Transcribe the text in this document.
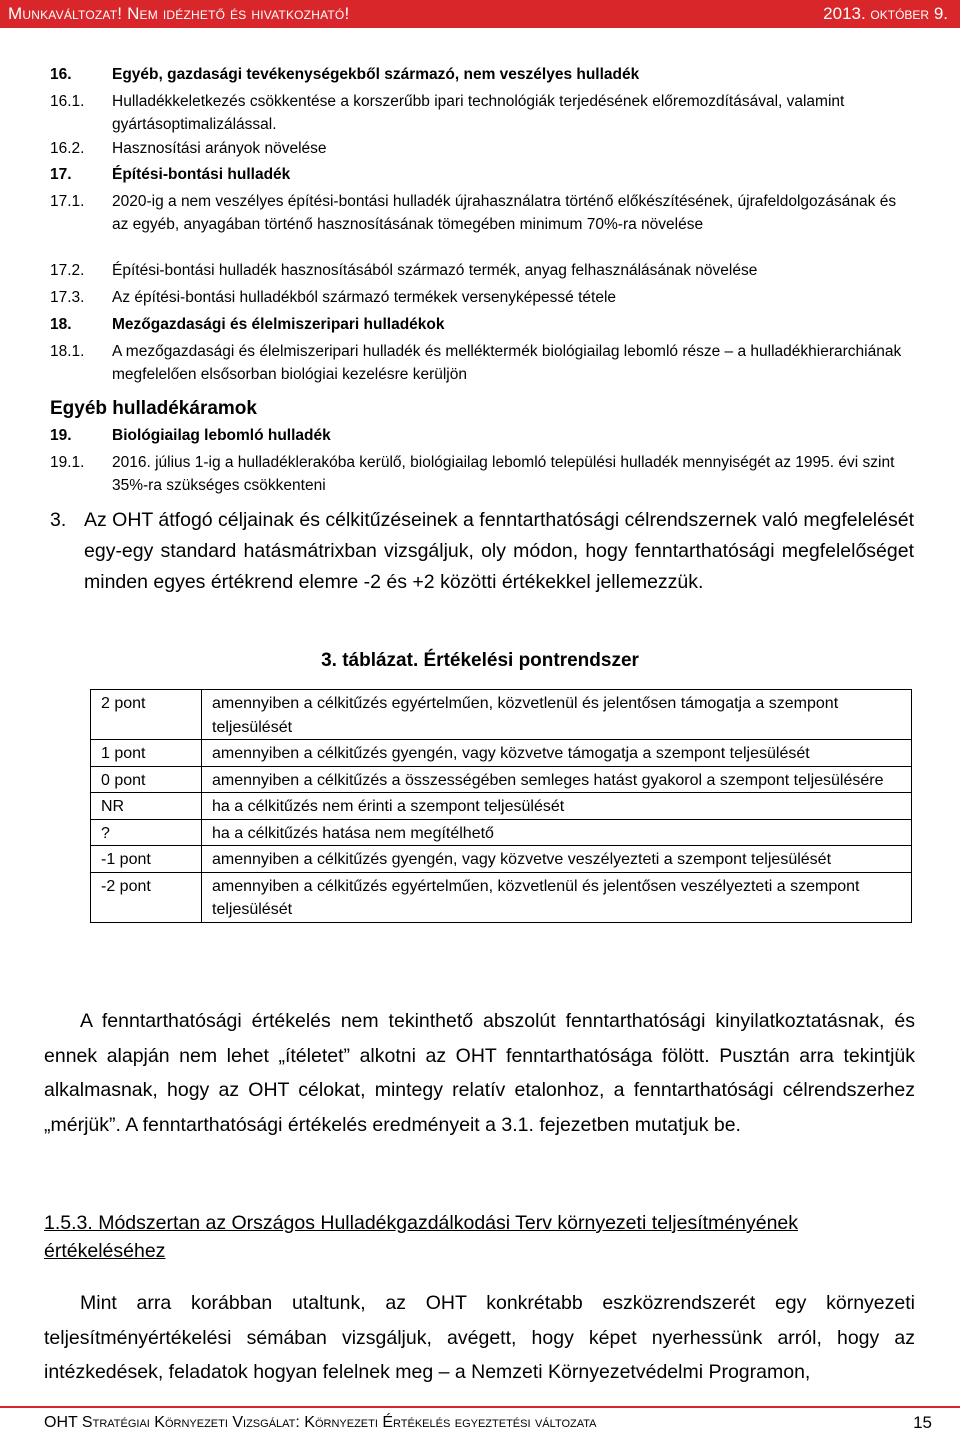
Munkaváltozat! Nem idézhető és hivatkozható!	2013. október 9.
16.	Egyéb, gazdasági tevékenységekből származó, nem veszélyes hulladék
16.1. Hulladékkeletkezés csökkentése a korszerűbb ipari technológiák terjedésének előremozdításával, valamint gyártásoptimalizálással.
16.2. Hasznosítási arányok növelése
17.	Építési-bontási hulladék
17.1. 2020-ig a nem veszélyes építési-bontási hulladék újrahasználatra történő előkészítésének, újrafeldolgozásának és az egyéb, anyagában történő hasznosításának tömegében minimum 70%-ra növelése
17.2. Építési-bontási hulladék hasznosításából származó termék, anyag felhasználásának növelése
17.3. Az építési-bontási hulladékból származó termékek versenyképessé tétele
18.	Mezőgazdasági és élelmiszeripari hulladékok
18.1. A mezőgazdasági és élelmiszeripari hulladék és melléktermék biológiailag lebomló része – a hulladékhierarchiának megfelelően elsősorban biológiai kezelésre kerüljön
19.	Biológiailag lebomló hulladék
19.1. 2016. július 1-ig a hulladéklerakóba kerülő, biológiailag lebomló települési hulladék mennyiségét az 1995. évi szint 35%-ra szükséges csökkenteni
Egyéb hulladékáramok
3. Az OHT átfogó céljainak és célkitűzéseinek a fenntarthatósági célrendszernek való megfelelését egy-egy standard hatásmátrixban vizsgáljuk, oly módon, hogy fenntarthatósági megfelelőséget minden egyes értékrend elemre -2 és +2 közötti értékekkel jellemezzük.
3. táblázat. Értékelési pontrendszer
2 pont	amennyiben a célkitűzés egyértelműen, közvetlenül és jelentősen támogatja a szempont teljesülését
1 pont	amennyiben a célkitűzés gyengén, vagy közvetve támogatja a szempont teljesülését
0 pont	amennyiben a célkitűzés a összességében semleges hatást gyakorol a szempont teljesülésére
NR	ha a célkitűzés nem érinti a szempont teljesülését
?	ha a célkitűzés hatása nem megítélhető
-1 pont	amennyiben a célkitűzés gyengén, vagy közvetve veszélyezteti a szempont teljesülését
-2 pont	amennyiben a célkitűzés egyértelműen, közvetlenül és jelentősen veszélyezteti a szempont teljesülését
A fenntarthatósági értékelés nem tekinthető abszolút fenntarthatósági kinyilatkoztatásnak, és ennek alapján nem lehet „ítéletet” alkotni az OHT fenntarthatósága fölött. Pusztán arra tekintjük alkalmasnak, hogy az OHT célokat, mintegy relatív etalonhoz, a fenntarthatósági célrendszerhez „mérjük”. A fenntarthatósági értékelés eredményeit a 3.1. fejezetben mutatjuk be.
1.5.3. Módszertan az Országos Hulladékgazdálkodási Terv környezeti teljesítményének értékeléséhez
Mint arra korábban utaltunk, az OHT konkrétabb eszközrendszerét egy környezeti teljesítményértékelési sémában vizsgáljuk, avégett, hogy képet nyerhessünk arról, hogy az intézkedések, feladatok hogyan felelnek meg – a Nemzeti Környezetvédelmi Programon,
OHT Stratégiai Környezeti Vizsgálat: Környezeti Értékelés egyeztetési változata	15
